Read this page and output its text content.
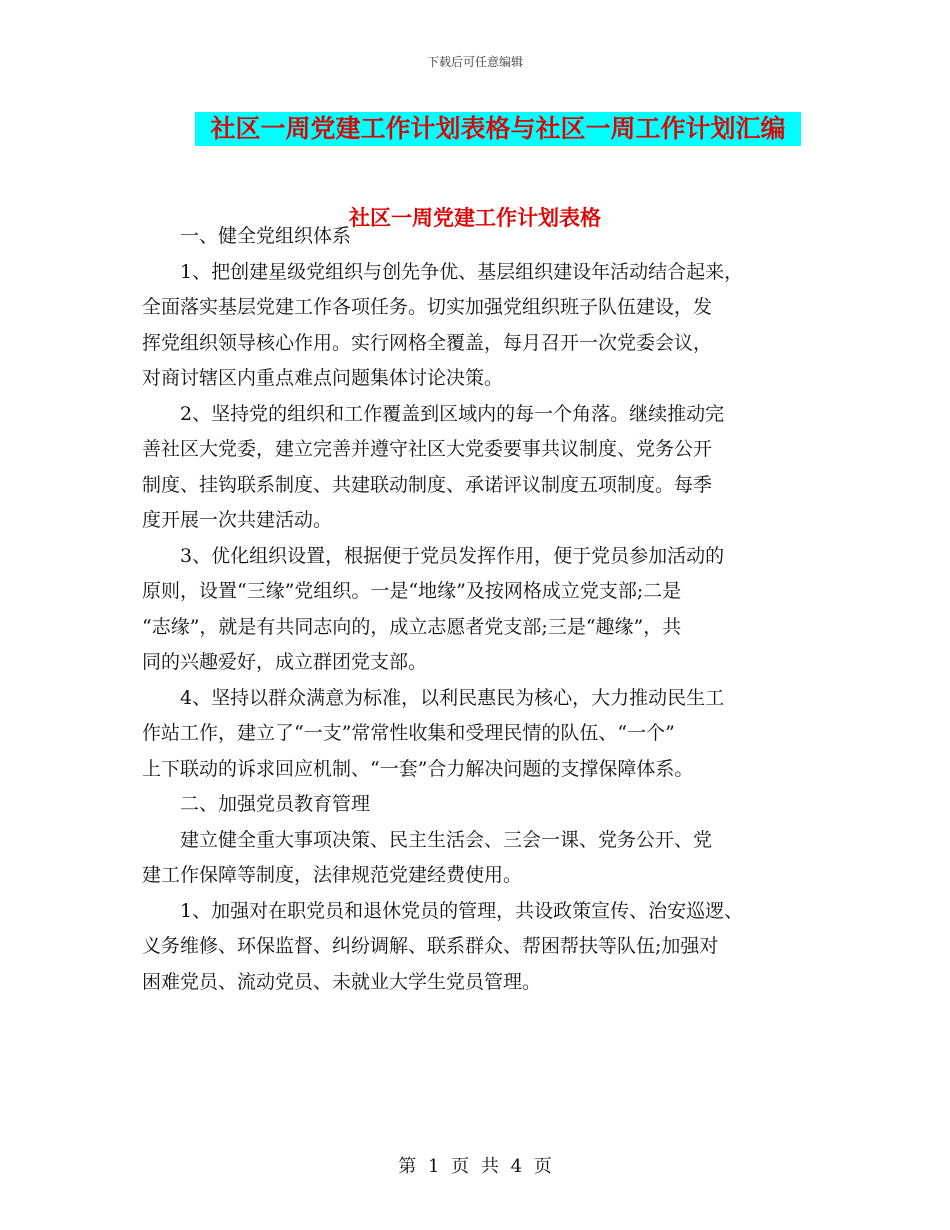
下载后可任意编辑
社区一周党建工作计划表格与社区一周工作计划汇编
社区一周党建工作计划表格

　　一、健全党组织体系

　　1、把创建星级党组织与创先争优、基层组织建设年活动结合起来，

全面落实基层党建工作各项任务。切实加强党组织班子队伍建设，发

挥党组织领导核心作用。实行网格全覆盖，每月召开一次党委会议，

对商讨辖区内重点难点问题集体讨论决策。

　　2、坚持党的组织和工作覆盖到区域内的每一个角落。继续推动完

善社区大党委，建立完善并遵守社区大党委要事共议制度、党务公开

制度、挂钩联系制度、共建联动制度、承诺评议制度五项制度。每季

度开展一次共建活动。

　　3、优化组织设置，根据便于党员发挥作用，便于党员参加活动的

原则，设置“三缘”党组织。一是“地缘”及按网格成立党支部;二是

“志缘”，就是有共同志向的，成立志愿者党支部;三是“趣缘”，共

同的兴趣爱好，成立群团党支部。

　　4、坚持以群众满意为标准，以利民惠民为核心，大力推动民生工

作站工作，建立了“一支”常常性收集和受理民情的队伍、“一个”

上下联动的诉求回应机制、“一套”合力解决问题的支撑保障体系。

　　二、加强党员教育管理

　　建立健全重大事项决策、民主生活会、三会一课、党务公开、党

建工作保障等制度，法律规范党建经费使用。

　　1、加强对在职党员和退休党员的管理，共设政策宣传、治安巡逻、

义务维修、环保监督、纠纷调解、联系群众、帮困帮扶等队伍;加强对

困难党员、流动党员、未就业大学生党员管理。

第 1 页 共 4 页
